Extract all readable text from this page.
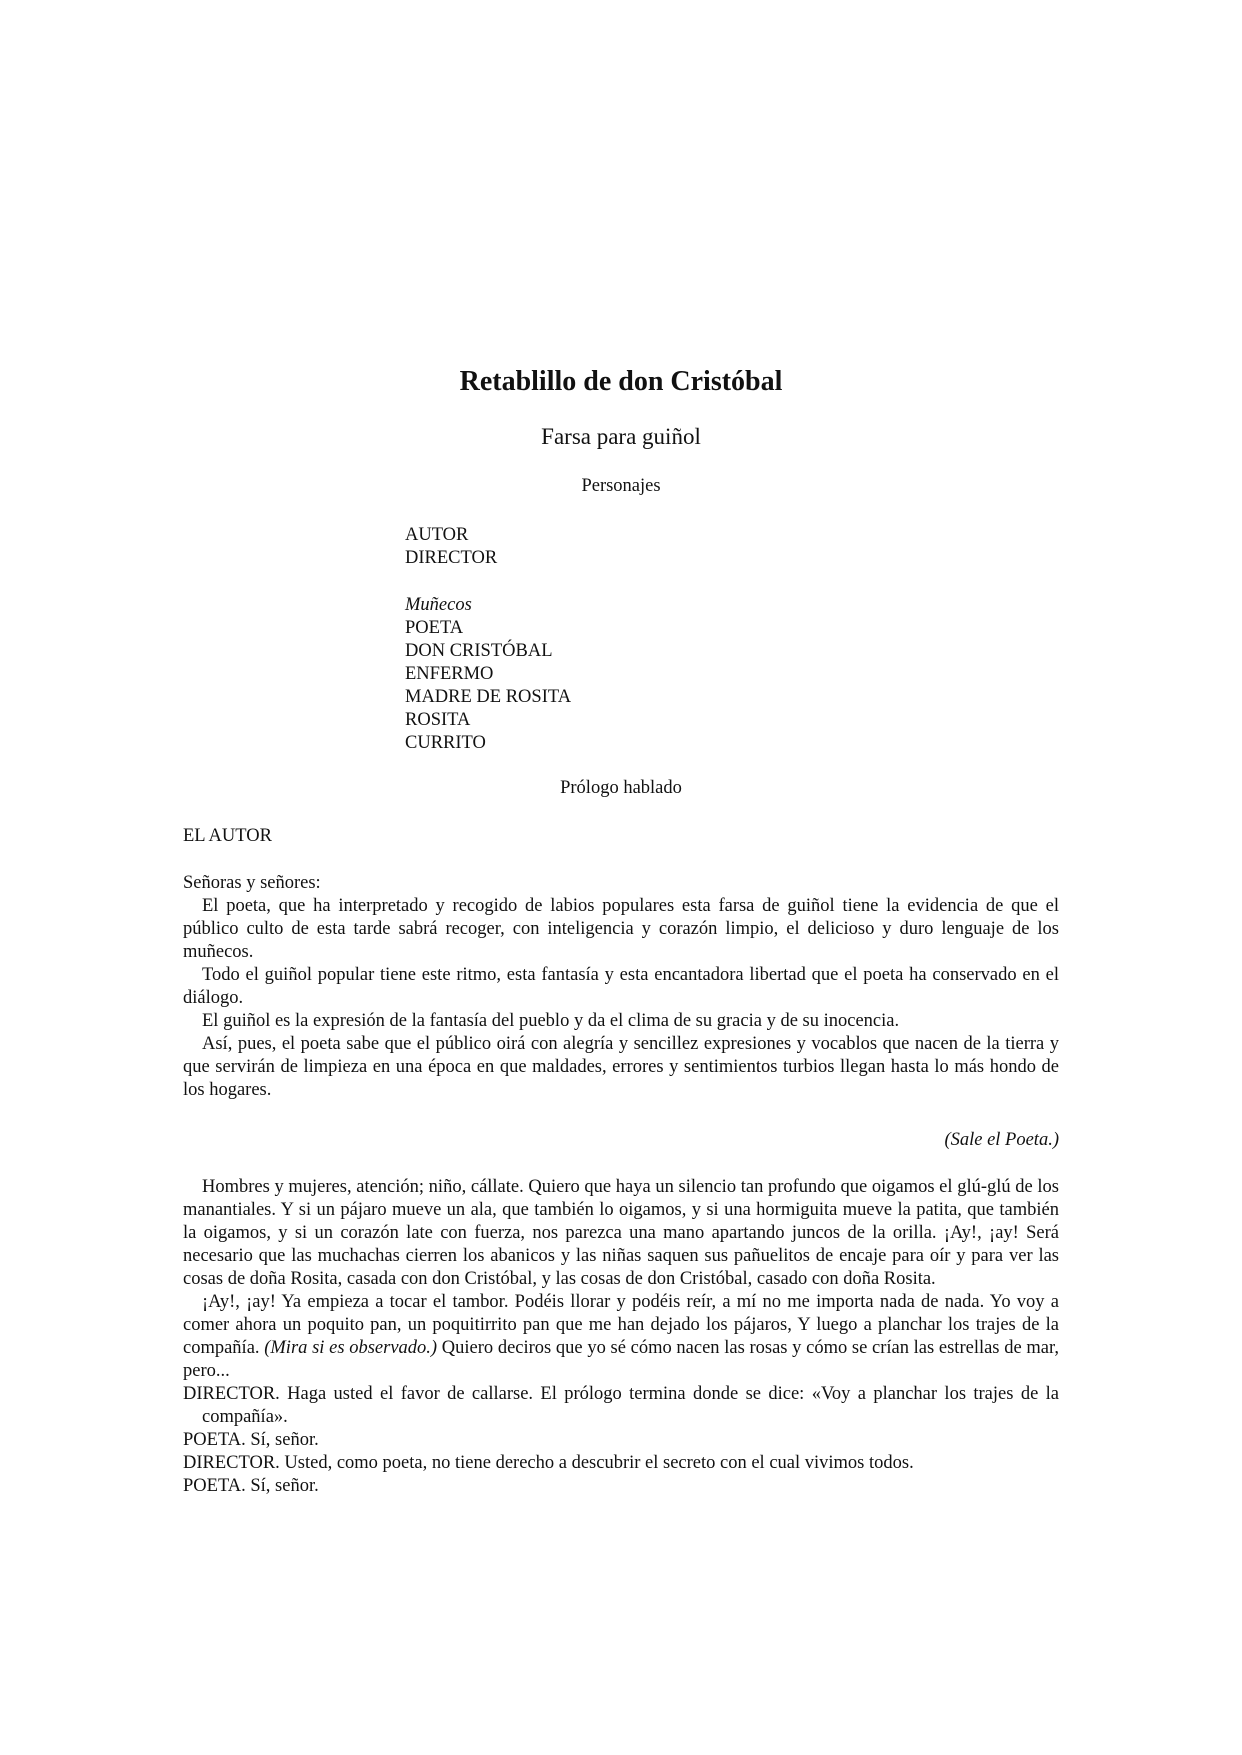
Retablillo de don Cristóbal
Farsa para guiñol
Personajes
AUTOR
DIRECTOR
Muñecos
POETA
DON CRISTÓBAL
ENFERMO
MADRE DE ROSITA
ROSITA
CURRITO
Prólogo hablado
EL AUTOR

Señoras y señores:

El poeta, que ha interpretado y recogido de labios populares esta farsa de guiñol tiene la evidencia de que el público culto de esta tarde sabrá recoger, con inteligencia y corazón limpio, el delicioso y duro lenguaje de los muñecos.

Todo el guiñol popular tiene este ritmo, esta fantasía y esta encantadora libertad que el poeta ha conservado en el diálogo.

El guiñol es la expresión de la fantasía del pueblo y da el clima de su gracia y de su inocencia.

Así, pues, el poeta sabe que el público oirá con alegría y sencillez expresiones y vocablos que nacen de la tierra y que servirán de limpieza en una época en que maldades, errores y sentimientos turbios llegan hasta lo más hondo de los hogares.

(Sale el Poeta.)

Hombres y mujeres, atención; niño, cállate. Quiero que haya un silencio tan profundo que oigamos el glú-glú de los manantiales. Y si un pájaro mueve un ala, que también lo oigamos, y si una hormiguita mueve la patita, que también la oigamos, y si un corazón late con fuerza, nos parezca una mano apartando juncos de la orilla. ¡Ay!, ¡ay! Será necesario que las muchachas cierren los abanicos y las niñas saquen sus pañuelitos de encaje para oír y para ver las cosas de doña Rosita, casada con don Cristóbal, y las cosas de don Cristóbal, casado con doña Rosita.

¡Ay!, ¡ay! Ya empieza a tocar el tambor. Podéis llorar y podéis reír, a mí no me importa nada de nada. Yo voy a comer ahora un poquito pan, un poquitirrito pan que me han dejado los pájaros, Y luego a planchar los trajes de la compañía. (Mira si es observado.) Quiero deciros que yo sé cómo nacen las rosas y cómo se crían las estrellas de mar, pero...

DIRECTOR. Haga usted el favor de callarse. El prólogo termina donde se dice: «Voy a planchar los trajes de la compañía».

POETA. Sí, señor.

DIRECTOR. Usted, como poeta, no tiene derecho a descubrir el secreto con el cual vivimos todos.

POETA. Sí, señor.
